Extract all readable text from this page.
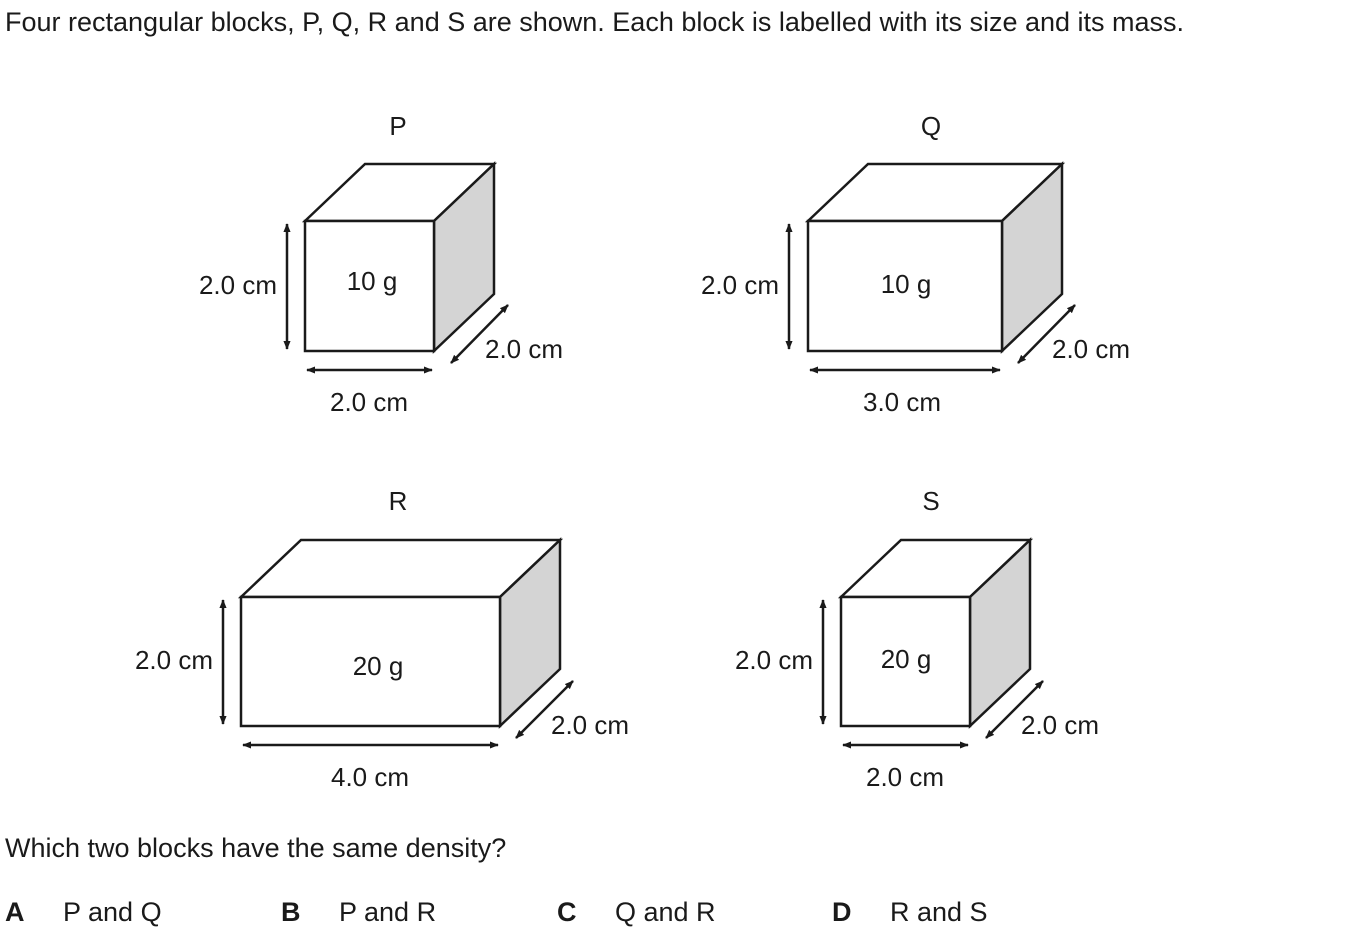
Four rectangular blocks, P, Q, R and S are shown. Each block is labelled with its size and its mass.

P
10 g
2.0 cm
2.0 cm
2.0 cm
Q
10 g
2.0 cm
3.0 cm
2.0 cm
R
20 g
2.0 cm
4.0 cm
2.0 cm
S
20 g
2.0 cm
2.0 cm
2.0 cm

Which two blocks have the same density?

A P and Q	B P and R	C Q and R	D R and S
